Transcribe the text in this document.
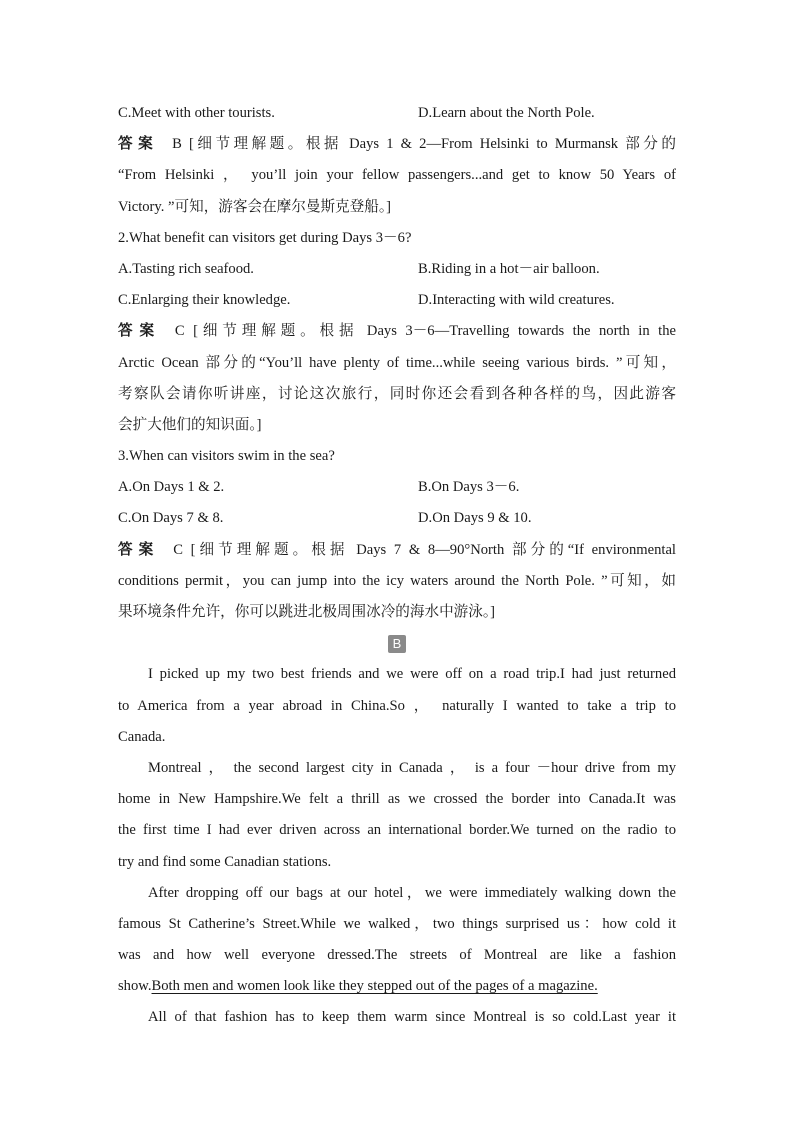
C.Meet with other tourists.	D.Learn about the North Pole.
答案 B [细节理解题。根据 Days 1 & 2—From Helsinki to Murmansk 部分的
“From Helsinki ， you’ll join your fellow passengers...and get to know 50 Years of
Victory. ”可知，游客会在摩尔曼斯克登船。]
2.What benefit can visitors get during Days 3－6?
A.Tasting rich seafood.	B.Riding in a hot－air balloon.
C.Enlarging their knowledge.	D.Interacting with wild creatures.
答案 C [细节理解题。根据 Days 3－6—Travelling towards the north in the
Arctic Ocean 部分的“You’ll have plenty of time...while seeing various birds. ”可知，
考察队会请你听讲座，讨论这次旅行，同时你还会看到各种各样的鸟，因此游客
会扩大他们的知识面。]
3.When can visitors swim in the sea?
A.On Days 1 & 2.	B.On Days 3－6.
C.On Days 7 & 8.	D.On Days 9 & 10.
答案 C [细节理解题。根据 Days 7 & 8—90°North 部分的“If environmental
conditions permit，you can jump into the icy waters around the North Pole. ”可知，如
果环境条件允许，你可以跳进北极周围冰冷的海水中游泳。]
B
I picked up my two best friends and we were off on a road trip.I had just returned
to America from a year abroad in China.So ， naturally I wanted to take a trip to
Canada.
Montreal ， the second largest city in Canada ， is a four －hour drive from my
home in New Hampshire.We felt a thrill as we crossed the border into Canada.It was
the first time I had ever driven across an international border.We turned on the radio to
try and find some Canadian stations.
After dropping off our bags at our hotel，we were immediately walking down the
famous St Catherine’s Street.While we walked，two things surprised us：how cold it
was and how well everyone dressed.The streets of Montreal are like a fashion
show.Both men and women look like they stepped out of the pages of a magazine.
All of that fashion has to keep them warm since Montreal is so cold.Last year it
